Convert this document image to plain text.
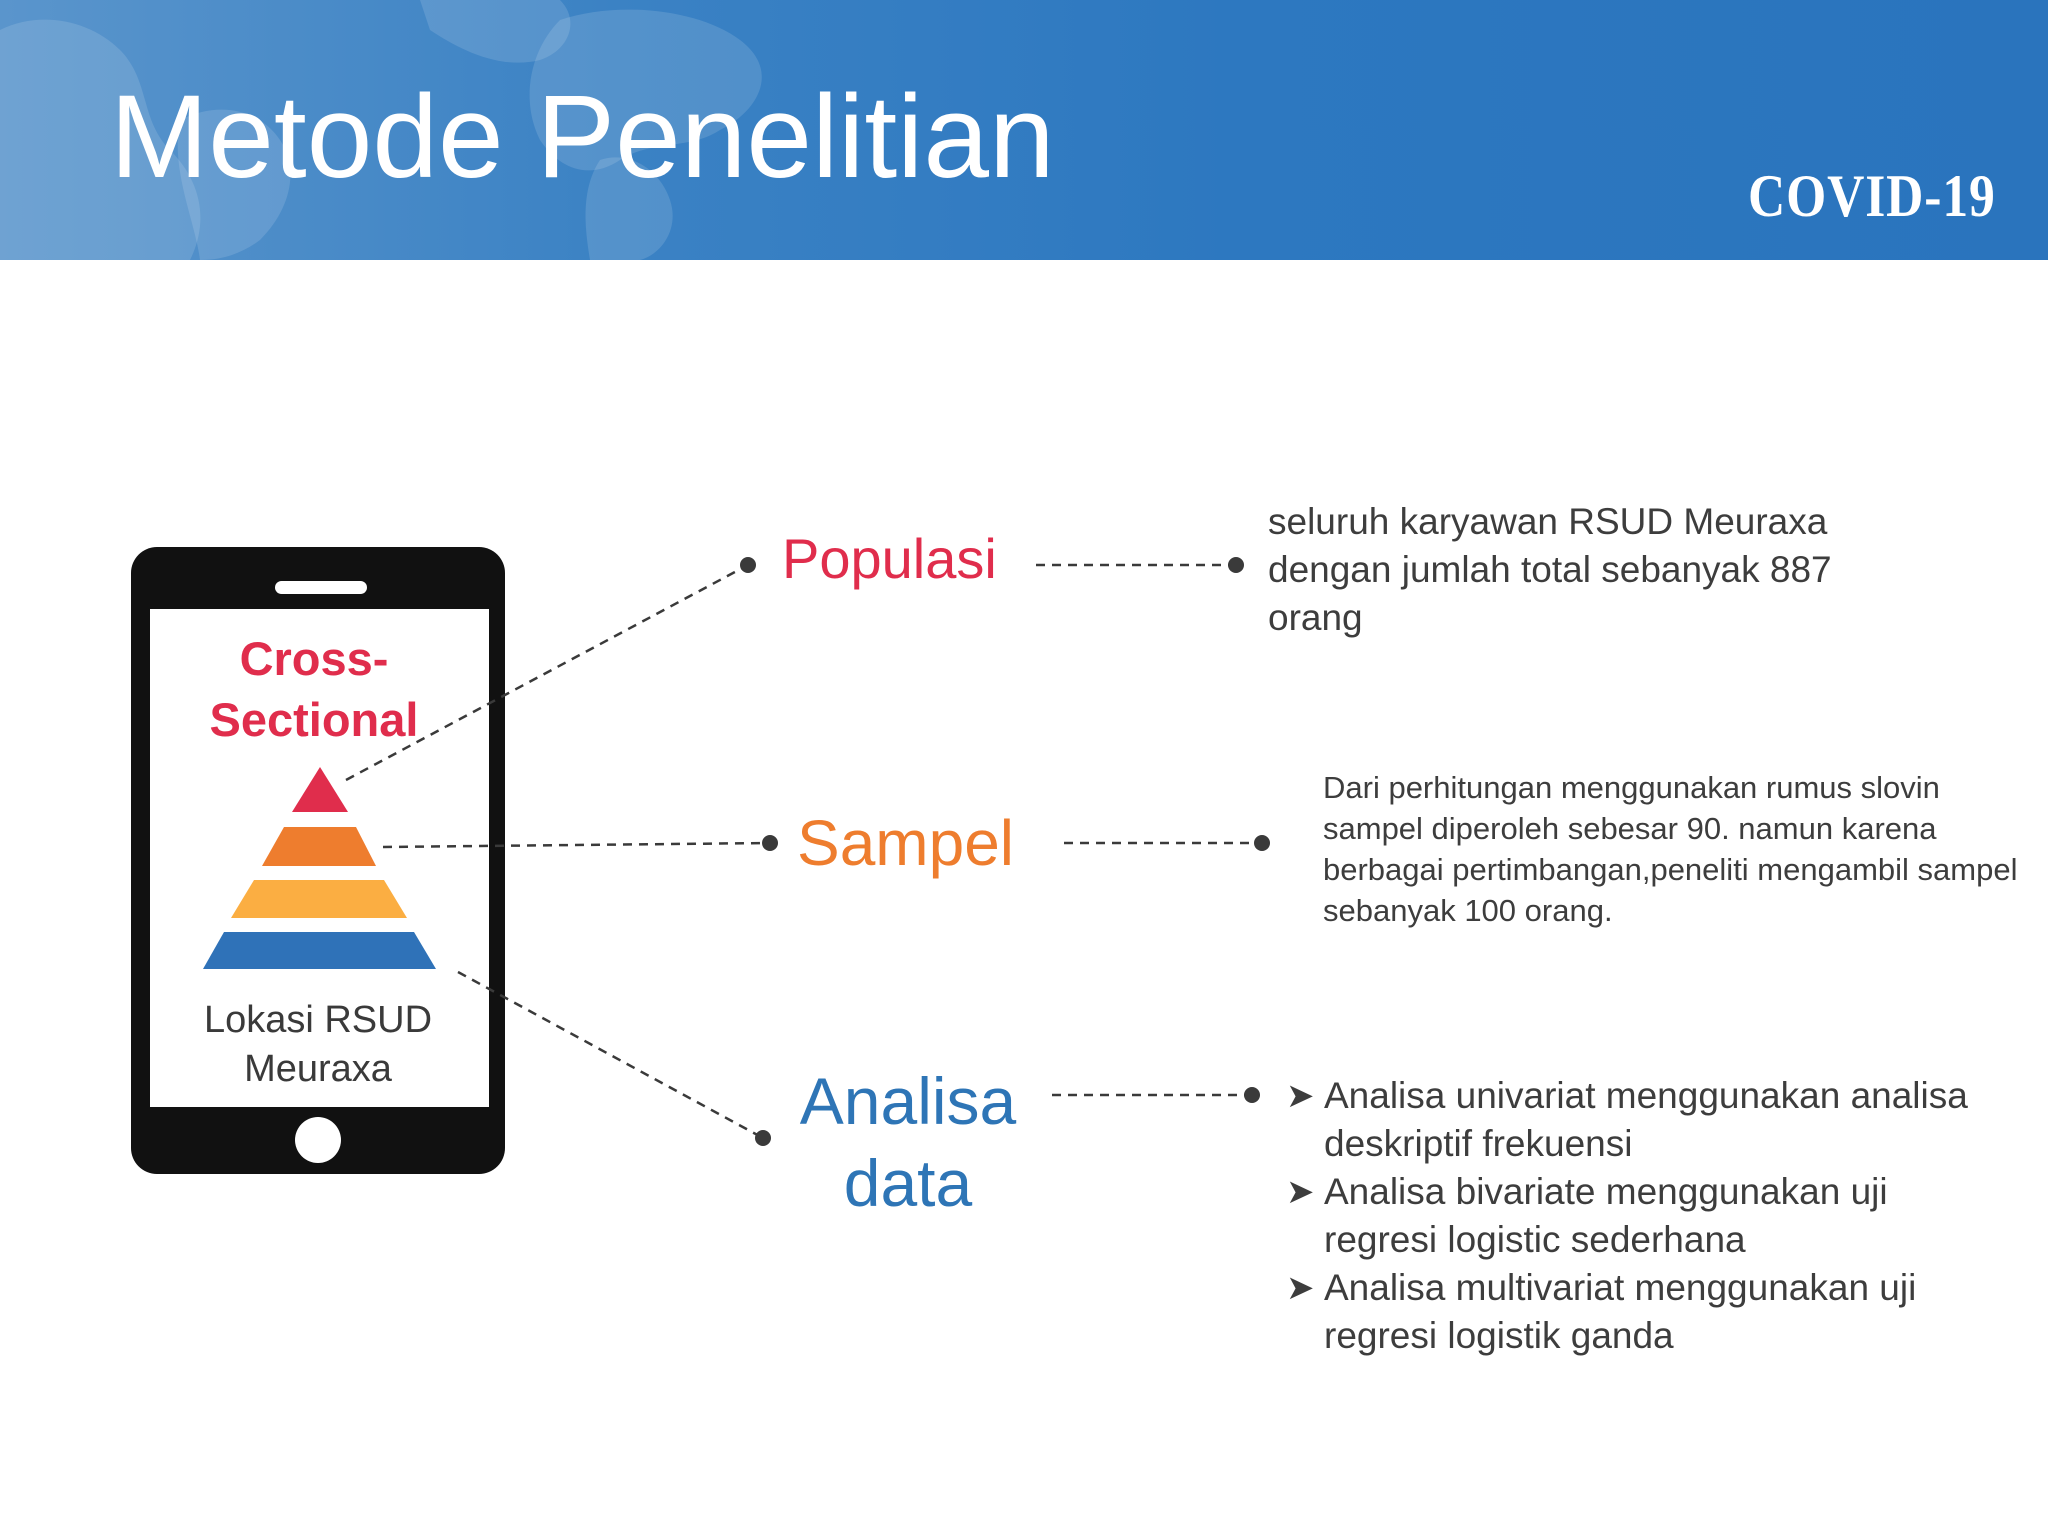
Metode Penelitian	COVID-19
Cross-Sectional
Lokasi RSUD Meuraxa
Populasi
Sampel
Analisa data
seluruh karyawan RSUD Meuraxa dengan jumlah total sebanyak 887 orang
Dari perhitungan menggunakan rumus slovin sampel diperoleh sebesar 90. namun karena berbagai pertimbangan,peneliti mengambil sampel sebanyak 100 orang.
➤ Analisa univariat menggunakan analisa deskriptif frekuensi
➤ Analisa bivariate menggunakan uji regresi logistic sederhana
➤ Analisa multivariat menggunakan uji regresi logistik ganda
